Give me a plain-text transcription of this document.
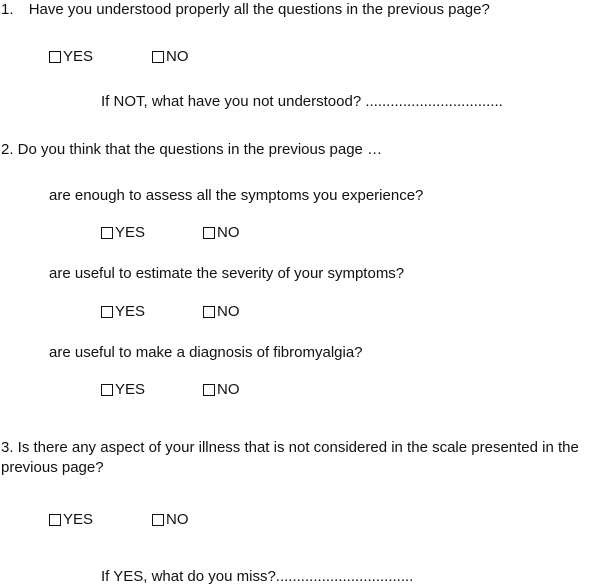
1. Have you understood properly all the questions in the previous page?
YES	NO
If NOT, what have you not understood? .................................
2. Do you think that the questions in the previous page …
are enough to assess all the symptoms you experience?
YES	NO
are useful to estimate the severity of your symptoms?
YES	NO
are useful to make a diagnosis of fibromyalgia?
YES	NO
3. Is there any aspect of your illness that is not considered in the scale presented in the previous page?
YES	NO
If YES, what do you miss?.................................
